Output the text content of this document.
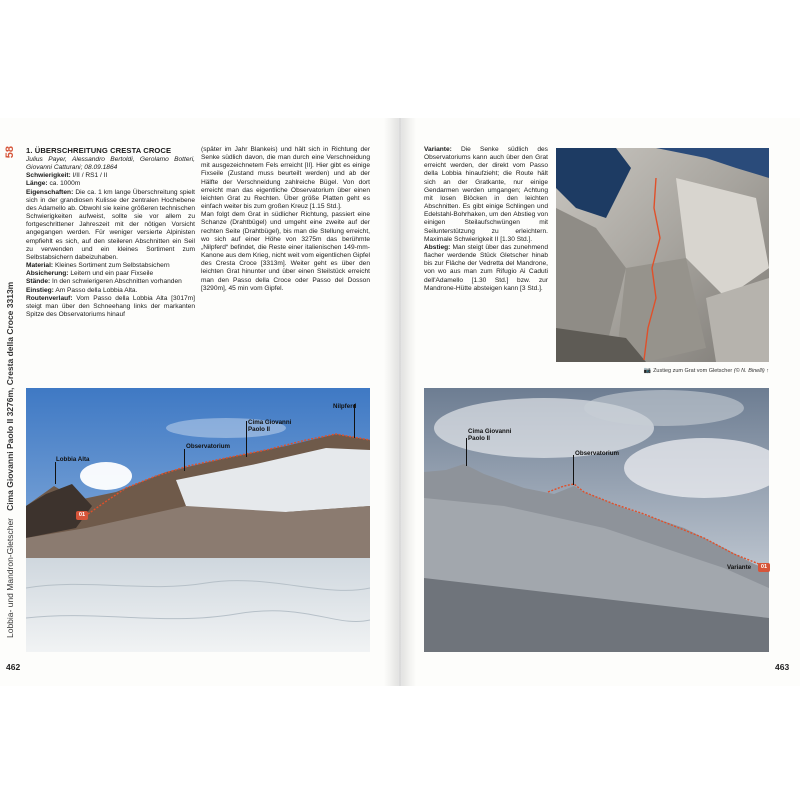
58
Lobbia- und Mandron-Gletscher   Cima Giovanni Paolo II 3276m, Cresta della Croce 3313m

1. ÜBERSCHREITUNG CRESTA CROCE

Julius Payer, Alessandro Bertoldi, Gerolamo Botteri, Giovanni Catturani; 08.09.1864

Schwierigkeit: I/II / RS1 / II

Länge: ca. 1000m

Eigenschaften: Die ca. 1 km lange Überschreitung spielt sich in der grandiosen Kulisse der zentralen Hochebene des Adamello ab. Obwohl sie keine größeren technischen Schwierigkeiten aufweist, sollte sie vor allem zu fortgeschrittener Jahreszeit mit der nötigen Vorsicht angegangen werden. Für weniger versierte Alpinisten empfiehlt es sich, auf den steileren Abschnitten ein Seil zu verwenden und ein kleines Sortiment zum Selbstabsichern dabeizuhaben.

Material: Kleines Sortiment zum Selbstabsichern

Absicherung: Leitern und ein paar Fixseile

Stände: In den schwierigeren Abschnitten vorhanden

Einstieg: Am Passo della Lobbia Alta.

Routenverlauf: Vom Passo della Lobbia Alta [3017m] steigt man über den Schneehang links der markanten Spitze des Observatoriums hinauf

(später im Jahr Blankeis) und hält sich in Richtung der Senke südlich davon, die man durch eine Verschneidung mit ausgezeichnetem Fels erreicht [II]. Hier gibt es einige Fixseile (Zustand muss beurteilt werden) und ab der Hälfte der Verschneidung zahlreiche Bügel. Von dort erreicht man das eigentliche Observatorium über einen leichten Grat zu Rechten. Über größe Platten geht es einfach weiter bis zum großen Kreuz [1.15 Std.].

Man folgt dem Grat in südlicher Richtung, passiert eine Schanze (Drahtbügel) und umgeht eine zweite auf der rechten Seite (Drahtbügel), bis man die Stellung erreicht, wo sich auf einer Höhe von 3275m das berühmte „Nilpferd“ befindet, die Reste einer italienischen 149-mm-Kanone aus dem Krieg, nicht weit vom eigentlichen Gipfel des Cresta Croce [3313m]. Weiter geht es über den leichten Grat hinunter und über einen Steilstück erreicht man den Passo della Croce oder Passo del Dosson [3290m], 45 min vom Gipfel.

Variante: Die Senke südlich des Observatoriums kann auch über den Grat erreicht werden, der direkt vom Passo della Lobbia hinaufzieht; die Route hält sich an der Gratkante, nur einige Gendarmen werden umgangen; Achtung mit losen Blöcken in den leichten Abschnitten. Es gibt einige Schlingen und Edelstahl-Bohrhaken, um den Abstieg von einigen Steilaufschwüngen mit Seilunterstützung zu erleichtern. Maximale Schwierigkeit II [1.30 Std.].

Abstieg: Man steigt über das zunehmend flacher werdende Stück Gletscher hinab bis zur Fläche der Vedretta del Mandrone, von wo aus man zum Rifugio Ai Caduti dell'Adamello [1.30 Std.] bzw. zur Mandrone-Hütte absteigen kann [3 Std.].

📷 Zustieg zum Grat vom Gletscher (© N. Binelli) ↑
Lobbia Alta
Observatorium
Cima Giovanni Paolo II
Nilpferd
01
Cima Giovanni Paolo II
Observatorium
Variante	01
462	463
